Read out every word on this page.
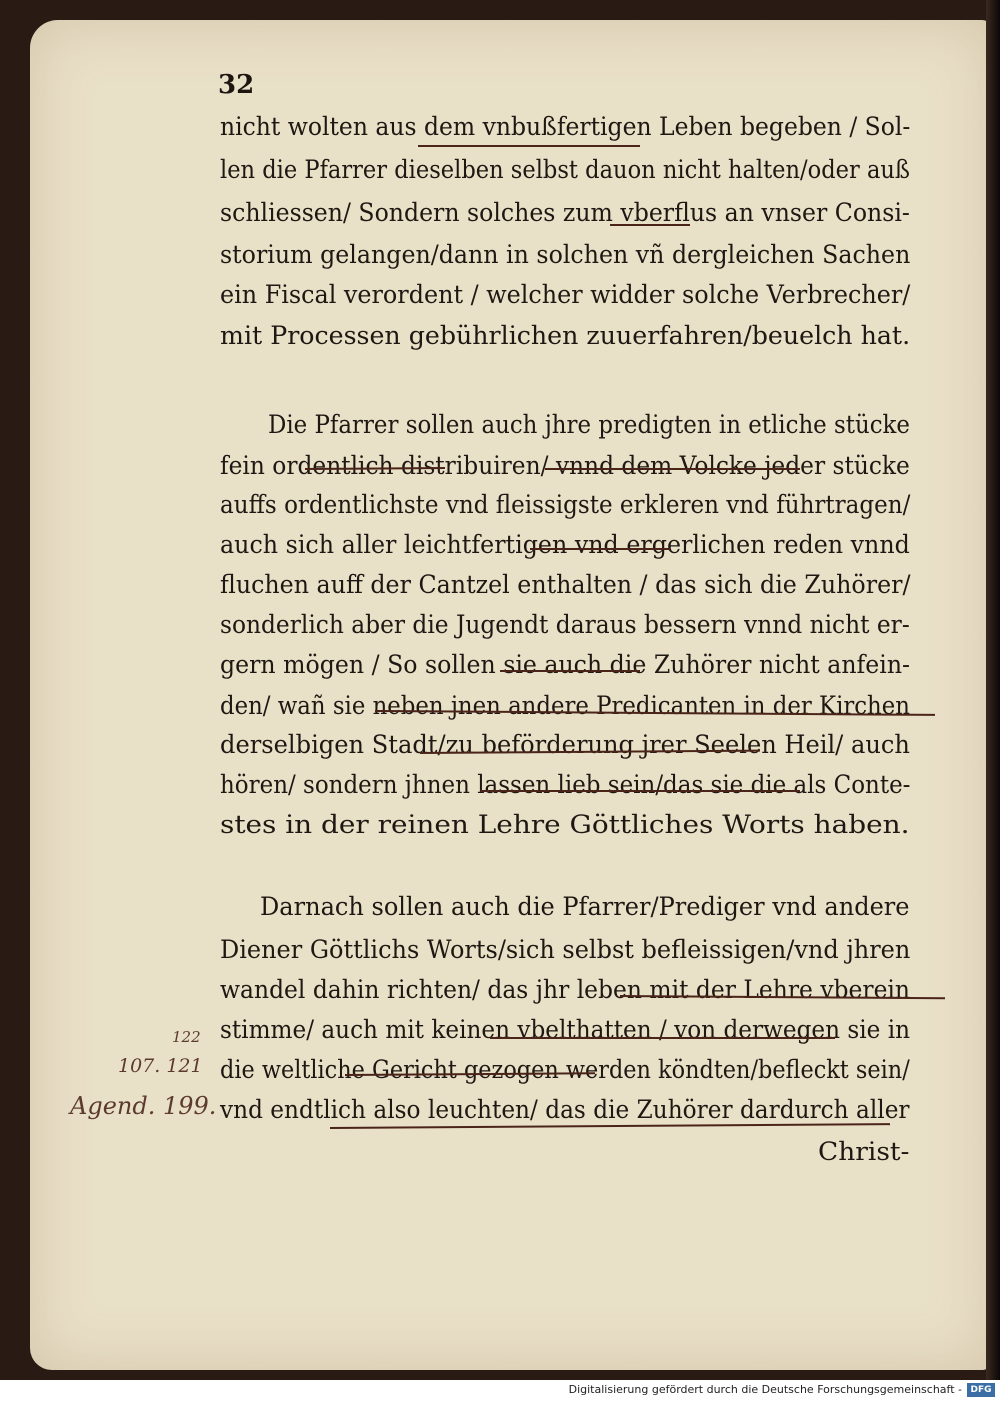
32
nicht wolten aus dem vnbußfertigen Leben begeben / Sol-
len die Pfarrer dieselben selbst dauon nicht halten/oder auß
schliessen/ Sondern solches zum vberflus an vnser Consi-
storium gelangen/dann in solchen vñ dergleichen Sachen
ein Fiscal verordent / welcher widder solche Verbrecher/
mit Processen gebührlichen zuuerfahren/beuelch hat.
Die Pfarrer sollen auch jhre predigten in etliche stücke
fein ordentlich distribuiren/ vnnd dem Volcke jeder stücke
auffs ordentlichste vnd fleissigste erkleren vnd führtragen/
auch sich aller leichtfertigen vnd ergerlichen reden vnnd
fluchen auff der Cantzel enthalten / das sich die Zuhörer/
sonderlich aber die Jugendt daraus bessern vnnd nicht er-
gern mögen / So sollen sie auch die Zuhörer nicht anfein-
den/ wañ sie neben jnen andere Predicanten in der Kirchen
derselbigen Stadt/zu beförderung jrer Seelen Heil/ auch
hören/ sondern jhnen lassen lieb sein/das sie die als Conte-
stes in der reinen Lehre Göttliches Worts haben.
Darnach sollen auch die Pfarrer/Prediger vnd andere
Diener Göttlichs Worts/sich selbst befleissigen/vnd jhren
wandel dahin richten/ das jhr leben mit der Lehre vberein
stimme/ auch mit keinen vbelthatten / von derwegen sie in
die weltliche Gericht gezogen werden köndten/befleckt sein/
vnd endtlich also leuchten/ das die Zuhörer dardurch aller
Christ-
122
107. 121
Agend. 199.
Digitalisierung gefördert durch die Deutsche Forschungsgemeinschaft - DFG
